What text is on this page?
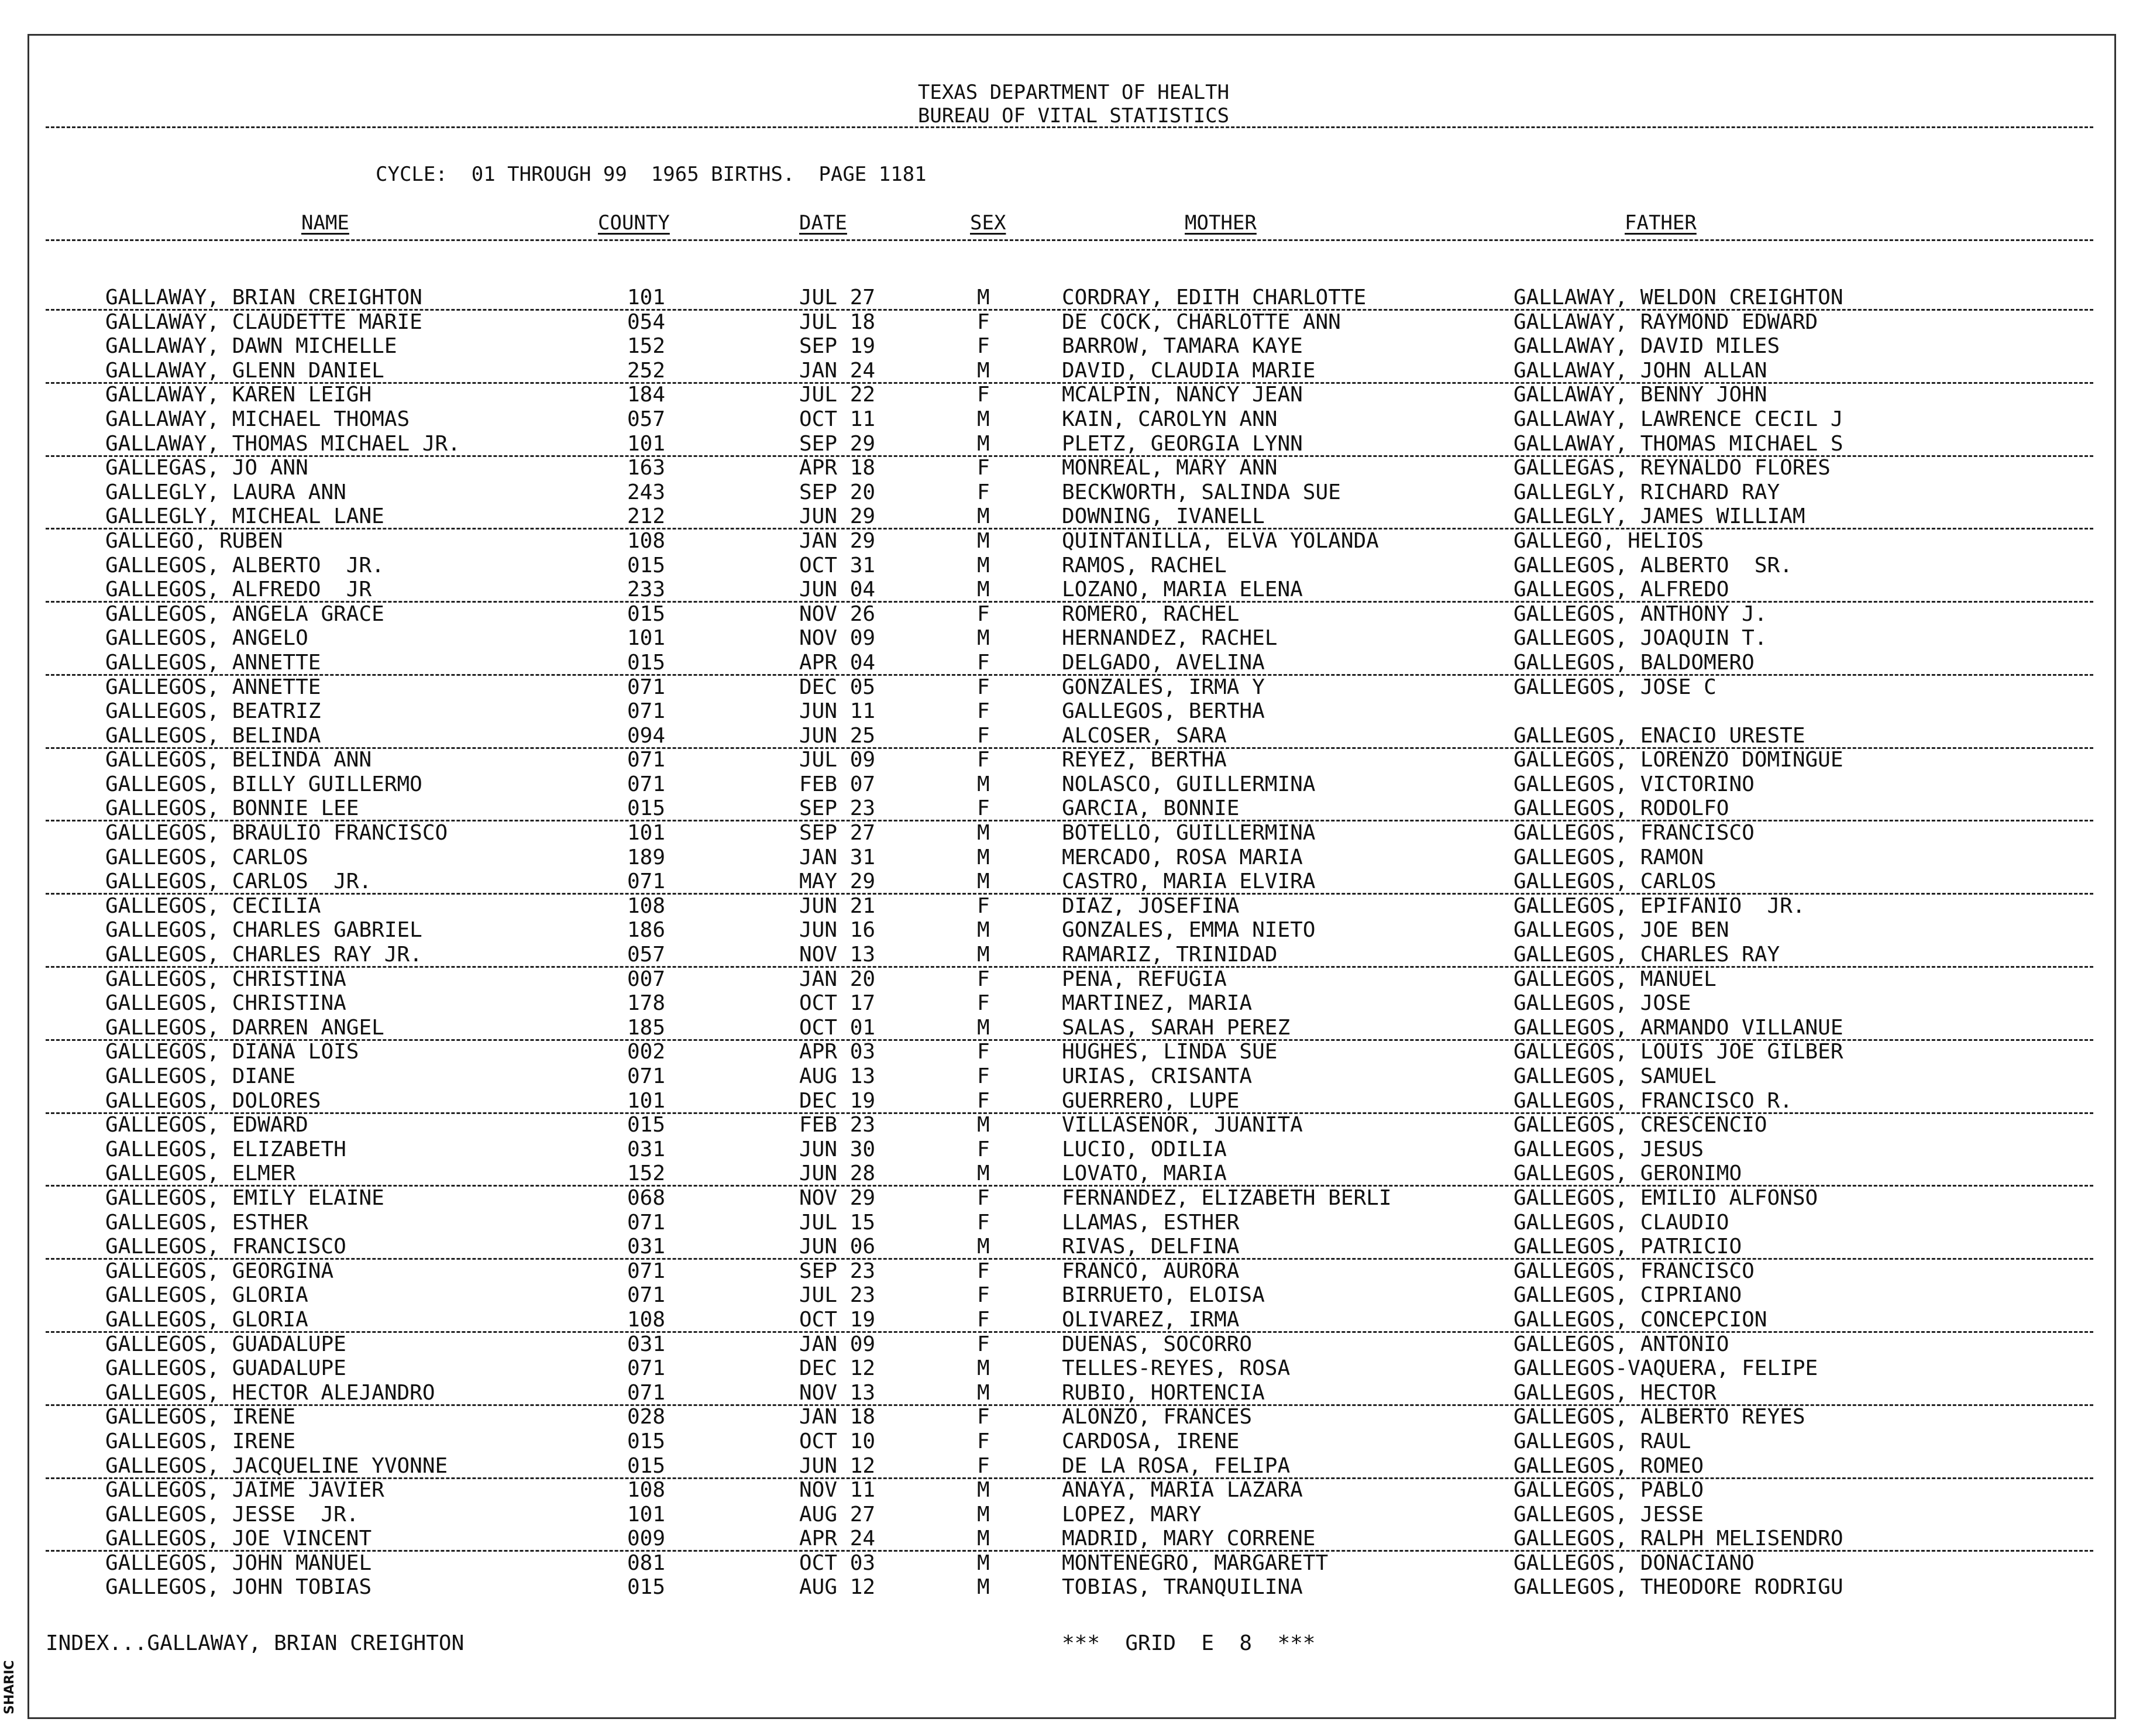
SHARIC
TEXAS DEPARTMENT OF HEALTH
BUREAU OF VITAL STATISTICS
CYCLE:  01 THROUGH 99  1965 BIRTHS.  PAGE 1181
NAME	COUNTY	DATE	SEX	MOTHER	FATHER
GALLAWAY, BRIAN CREIGHTON	101	JUL 27	M	CORDRAY, EDITH CHARLOTTE	GALLAWAY, WELDON CREIGHTON
GALLAWAY, CLAUDETTE MARIE	054	JUL 18	F	DE COCK, CHARLOTTE ANN	GALLAWAY, RAYMOND EDWARD
GALLAWAY, DAWN MICHELLE	152	SEP 19	F	BARROW, TAMARA KAYE	GALLAWAY, DAVID MILES
GALLAWAY, GLENN DANIEL	252	JAN 24	M	DAVID, CLAUDIA MARIE	GALLAWAY, JOHN ALLAN
GALLAWAY, KAREN LEIGH	184	JUL 22	F	MCALPIN, NANCY JEAN	GALLAWAY, BENNY JOHN
GALLAWAY, MICHAEL THOMAS	057	OCT 11	M	KAIN, CAROLYN ANN	GALLAWAY, LAWRENCE CECIL J
GALLAWAY, THOMAS MICHAEL JR.	101	SEP 29	M	PLETZ, GEORGIA LYNN	GALLAWAY, THOMAS MICHAEL S
GALLEGAS, JO ANN	163	APR 18	F	MONREAL, MARY ANN	GALLEGAS, REYNALDO FLORES
GALLEGLY, LAURA ANN	243	SEP 20	F	BECKWORTH, SALINDA SUE	GALLEGLY, RICHARD RAY
GALLEGLY, MICHEAL LANE	212	JUN 29	M	DOWNING, IVANELL	GALLEGLY, JAMES WILLIAM
GALLEGO, RUBEN	108	JAN 29	M	QUINTANILLA, ELVA YOLANDA	GALLEGO, HELIOS
GALLEGOS, ALBERTO  JR.	015	OCT 31	M	RAMOS, RACHEL	GALLEGOS, ALBERTO  SR.
GALLEGOS, ALFREDO  JR	233	JUN 04	M	LOZANO, MARIA ELENA	GALLEGOS, ALFREDO
GALLEGOS, ANGELA GRACE	015	NOV 26	F	ROMERO, RACHEL	GALLEGOS, ANTHONY J.
GALLEGOS, ANGELO	101	NOV 09	M	HERNANDEZ, RACHEL	GALLEGOS, JOAQUIN T.
GALLEGOS, ANNETTE	015	APR 04	F	DELGADO, AVELINA	GALLEGOS, BALDOMERO
GALLEGOS, ANNETTE	071	DEC 05	F	GONZALES, IRMA Y	GALLEGOS, JOSE C
GALLEGOS, BEATRIZ	071	JUN 11	F	GALLEGOS, BERTHA
GALLEGOS, BELINDA	094	JUN 25	F	ALCOSER, SARA	GALLEGOS, ENACIO URESTE
GALLEGOS, BELINDA ANN	071	JUL 09	F	REYEZ, BERTHA	GALLEGOS, LORENZO DOMINGUE
GALLEGOS, BILLY GUILLERMO	071	FEB 07	M	NOLASCO, GUILLERMINA	GALLEGOS, VICTORINO
GALLEGOS, BONNIE LEE	015	SEP 23	F	GARCIA, BONNIE	GALLEGOS, RODOLFO
GALLEGOS, BRAULIO FRANCISCO	101	SEP 27	M	BOTELLO, GUILLERMINA	GALLEGOS, FRANCISCO
GALLEGOS, CARLOS	189	JAN 31	M	MERCADO, ROSA MARIA	GALLEGOS, RAMON
GALLEGOS, CARLOS  JR.	071	MAY 29	M	CASTRO, MARIA ELVIRA	GALLEGOS, CARLOS
GALLEGOS, CECILIA	108	JUN 21	F	DIAZ, JOSEFINA	GALLEGOS, EPIFANIO  JR.
GALLEGOS, CHARLES GABRIEL	186	JUN 16	M	GONZALES, EMMA NIETO	GALLEGOS, JOE BEN
GALLEGOS, CHARLES RAY JR.	057	NOV 13	M	RAMARIZ, TRINIDAD	GALLEGOS, CHARLES RAY
GALLEGOS, CHRISTINA	007	JAN 20	F	PENA, REFUGIA	GALLEGOS, MANUEL
GALLEGOS, CHRISTINA	178	OCT 17	F	MARTINEZ, MARIA	GALLEGOS, JOSE
GALLEGOS, DARREN ANGEL	185	OCT 01	M	SALAS, SARAH PEREZ	GALLEGOS, ARMANDO VILLANUE
GALLEGOS, DIANA LOIS	002	APR 03	F	HUGHES, LINDA SUE	GALLEGOS, LOUIS JOE GILBER
GALLEGOS, DIANE	071	AUG 13	F	URIAS, CRISANTA	GALLEGOS, SAMUEL
GALLEGOS, DOLORES	101	DEC 19	F	GUERRERO, LUPE	GALLEGOS, FRANCISCO R.
GALLEGOS, EDWARD	015	FEB 23	M	VILLASENOR, JUANITA	GALLEGOS, CRESCENCIO
GALLEGOS, ELIZABETH	031	JUN 30	F	LUCIO, ODILIA	GALLEGOS, JESUS
GALLEGOS, ELMER	152	JUN 28	M	LOVATO, MARIA	GALLEGOS, GERONIMO
GALLEGOS, EMILY ELAINE	068	NOV 29	F	FERNANDEZ, ELIZABETH BERLI	GALLEGOS, EMILIO ALFONSO
GALLEGOS, ESTHER	071	JUL 15	F	LLAMAS, ESTHER	GALLEGOS, CLAUDIO
GALLEGOS, FRANCISCO	031	JUN 06	M	RIVAS, DELFINA	GALLEGOS, PATRICIO
GALLEGOS, GEORGINA	071	SEP 23	F	FRANCO, AURORA	GALLEGOS, FRANCISCO
GALLEGOS, GLORIA	071	JUL 23	F	BIRRUETO, ELOISA	GALLEGOS, CIPRIANO
GALLEGOS, GLORIA	108	OCT 19	F	OLIVAREZ, IRMA	GALLEGOS, CONCEPCION
GALLEGOS, GUADALUPE	031	JAN 09	F	DUENAS, SOCORRO	GALLEGOS, ANTONIO
GALLEGOS, GUADALUPE	071	DEC 12	M	TELLES-REYES, ROSA	GALLEGOS-VAQUERA, FELIPE
GALLEGOS, HECTOR ALEJANDRO	071	NOV 13	M	RUBIO, HORTENCIA	GALLEGOS, HECTOR
GALLEGOS, IRENE	028	JAN 18	F	ALONZO, FRANCES	GALLEGOS, ALBERTO REYES
GALLEGOS, IRENE	015	OCT 10	F	CARDOSA, IRENE	GALLEGOS, RAUL
GALLEGOS, JACQUELINE YVONNE	015	JUN 12	F	DE LA ROSA, FELIPA	GALLEGOS, ROMEO
GALLEGOS, JAIME JAVIER	108	NOV 11	M	ANAYA, MARIA LAZARA	GALLEGOS, PABLO
GALLEGOS, JESSE  JR.	101	AUG 27	M	LOPEZ, MARY	GALLEGOS, JESSE
GALLEGOS, JOE VINCENT	009	APR 24	M	MADRID, MARY CORRENE	GALLEGOS, RALPH MELISENDRO
GALLEGOS, JOHN MANUEL	081	OCT 03	M	MONTENEGRO, MARGARETT	GALLEGOS, DONACIANO
GALLEGOS, JOHN TOBIAS	015	AUG 12	M	TOBIAS, TRANQUILINA	GALLEGOS, THEODORE RODRIGU
INDEX...GALLAWAY, BRIAN CREIGHTON	***  GRID  E  8  ***
